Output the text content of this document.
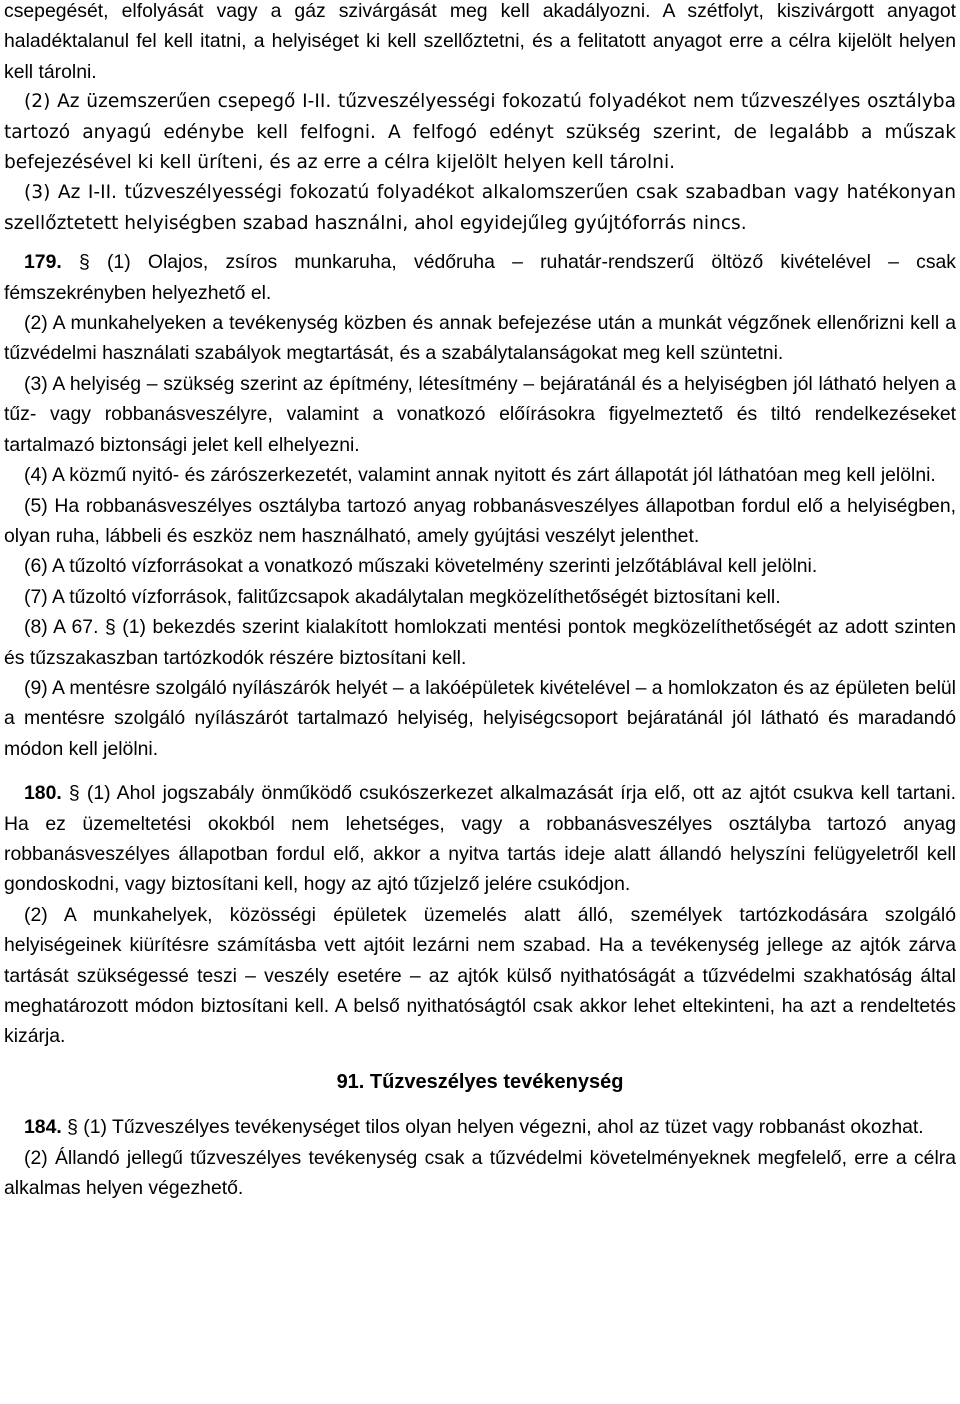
csepegését, elfolyását vagy a gáz szivárgását meg kell akadályozni. A szétfolyt, kiszivárgott anyagot haladéktalanul fel kell itatni, a helyiséget ki kell szellőztetni, és a felitatott anyagot erre a célra kijelölt helyen kell tárolni.

(2) Az üzemszerűen csepegő I-II. tűzveszélyességi fokozatú folyadékot nem tűzveszélyes osztályba tartozó anyagú edénybe kell felfogni. A felfogó edényt szükség szerint, de legalább a műszak befejezésével ki kell üríteni, és az erre a célra kijelölt helyen kell tárolni.

(3) Az I-II. tűzveszélyességi fokozatú folyadékot alkalomszerűen csak szabadban vagy hatékonyan szellőztetett helyiségben szabad használni, ahol egyidejűleg gyújtóforrás nincs.

179. § (1) Olajos, zsíros munkaruha, védőruha – ruhatár-rendszerű öltöző kivételével – csak fémszekrényben helyezhető el.

(2) A munkahelyeken a tevékenység közben és annak befejezése után a munkát végzőnek ellenőrizni kell a tűzvédelmi használati szabályok megtartását, és a szabálytalanságokat meg kell szüntetni.

(3) A helyiség – szükség szerint az építmény, létesítmény – bejáratánál és a helyiségben jól látható helyen a tűz- vagy robbanásveszélyre, valamint a vonatkozó előírásokra figyelmeztető és tiltó rendelkezéseket tartalmazó biztonsági jelet kell elhelyezni.

(4) A közmű nyitó- és zárószerkezetét, valamint annak nyitott és zárt állapotát jól láthatóan meg kell jelölni.

(5) Ha robbanásveszélyes osztályba tartozó anyag robbanásveszélyes állapotban fordul elő a helyiségben, olyan ruha, lábbeli és eszköz nem használható, amely gyújtási veszélyt jelenthet.

(6) A tűzoltó vízforrásokat a vonatkozó műszaki követelmény szerinti jelzőtáblával kell jelölni.

(7) A tűzoltó vízforrások, falitűzcsapok akadálytalan megközelíthetőségét biztosítani kell.

(8) A 67. § (1) bekezdés szerint kialakított homlokzati mentési pontok megközelíthetőségét az adott szinten és tűzszakaszban tartózkodók részére biztosítani kell.

(9) A mentésre szolgáló nyílászárók helyét – a lakóépületek kivételével – a homlokzaton és az épületen belül a mentésre szolgáló nyílászárót tartalmazó helyiség, helyiségcsoport bejáratánál jól látható és maradandó módon kell jelölni.

180. § (1) Ahol jogszabály önműködő csukószerkezet alkalmazását írja elő, ott az ajtót csukva kell tartani. Ha ez üzemeltetési okokból nem lehetséges, vagy a robbanásveszélyes osztályba tartozó anyag robbanásveszélyes állapotban fordul elő, akkor a nyitva tartás ideje alatt állandó helyszíni felügyeletről kell gondoskodni, vagy biztosítani kell, hogy az ajtó tűzjelző jelére csukódjon.

(2) A munkahelyek, közösségi épületek üzemelés alatt álló, személyek tartózkodására szolgáló helyiségeinek kiürítésre számításba vett ajtóit lezárni nem szabad. Ha a tevékenység jellege az ajtók zárva tartását szükségessé teszi – veszély esetére – az ajtók külső nyithatóságát a tűzvédelmi szakhatóság által meghatározott módon biztosítani kell. A belső nyithatóságtól csak akkor lehet eltekinteni, ha azt a rendeltetés kizárja.

91. Tűzveszélyes tevékenység

184. § (1) Tűzveszélyes tevékenységet tilos olyan helyen végezni, ahol az tüzet vagy robbanást okozhat.

(2) Állandó jellegű tűzveszélyes tevékenység csak a tűzvédelmi követelményeknek megfelelő, erre a célra alkalmas helyen végezhető.
